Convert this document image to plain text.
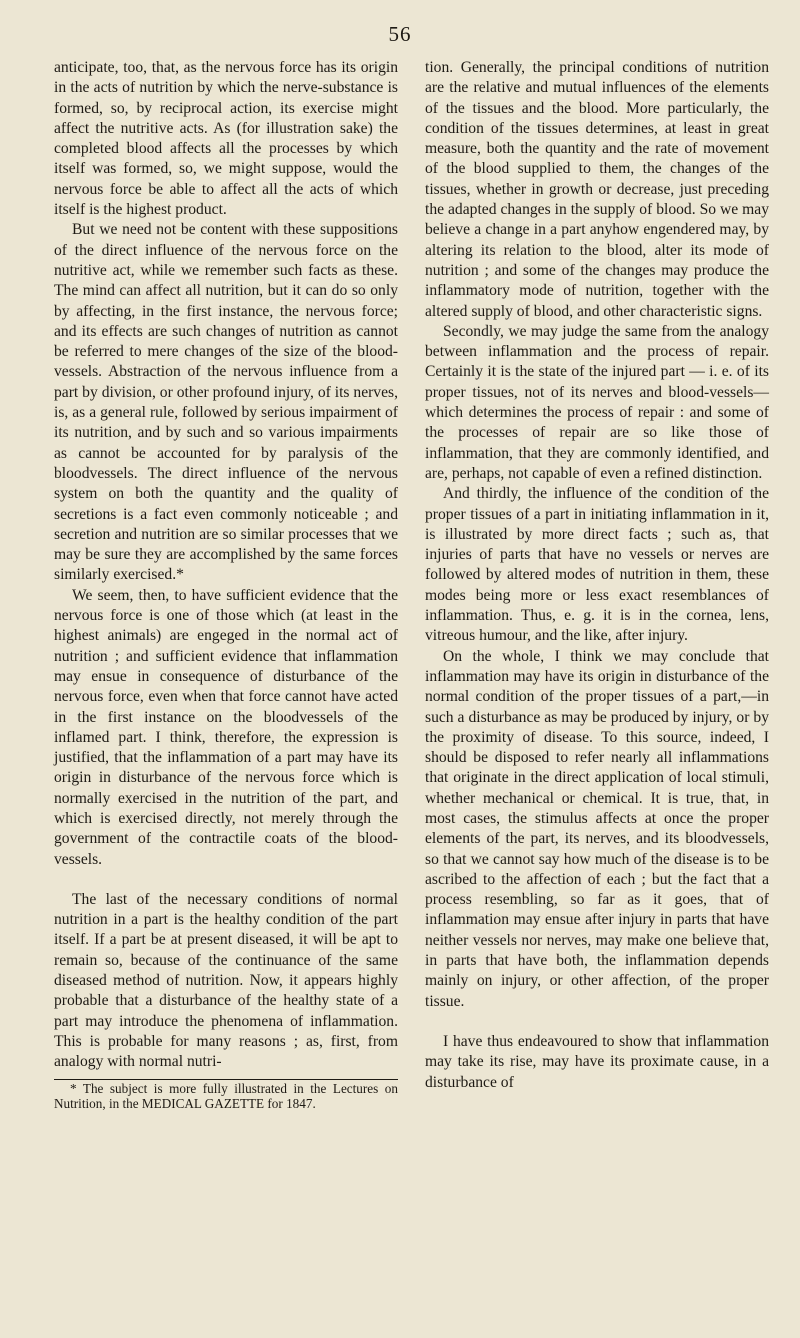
56

anticipate, too, that, as the nervous force has its origin in the acts of nutrition by which the nerve-substance is formed, so, by reciprocal action, its exercise might affect the nutritive acts. As (for illustration sake) the completed blood affects all the processes by which itself was formed, so, we might suppose, would the nervous force be able to affect all the acts of which itself is the highest product.

But we need not be content with these suppositions of the direct influence of the nervous force on the nutritive act, while we remember such facts as these. The mind can affect all nutrition, but it can do so only by affecting, in the first instance, the nervous force; and its effects are such changes of nutrition as cannot be referred to mere changes of the size of the blood-vessels. Abstraction of the nervous influence from a part by division, or other profound injury, of its nerves, is, as a general rule, followed by serious impairment of its nutrition, and by such and so various impairments as cannot be accounted for by paralysis of the bloodvessels. The direct influence of the nervous system on both the quantity and the quality of secretions is a fact even commonly noticeable ; and secretion and nutrition are so similar processes that we may be sure they are accomplished by the same forces similarly exercised.*

We seem, then, to have sufficient evidence that the nervous force is one of those which (at least in the highest animals) are engeged in the normal act of nutrition ; and sufficient evidence that inflammation may ensue in consequence of disturbance of the nervous force, even when that force cannot have acted in the first instance on the bloodvessels of the inflamed part. I think, therefore, the expression is justified, that the inflammation of a part may have its origin in disturbance of the nervous force which is normally exercised in the nutrition of the part, and which is exercised directly, not merely through the government of the contractile coats of the blood-vessels.

The last of the necessary conditions of normal nutrition in a part is the healthy condition of the part itself. If a part be at present diseased, it will be apt to remain so, because of the continuance of the same diseased method of nutrition. Now, it appears highly probable that a disturbance of the healthy state of a part may introduce the phenomena of inflammation. This is probable for many reasons ; as, first, from analogy with normal nutri-

* The subject is more fully illustrated in the Lectures on Nutrition, in the MEDICAL GAZETTE for 1847.

tion. Generally, the principal conditions of nutrition are the relative and mutual influences of the elements of the tissues and the blood. More particularly, the condition of the tissues determines, at least in great measure, both the quantity and the rate of movement of the blood supplied to them, the changes of the tissues, whether in growth or decrease, just preceding the adapted changes in the supply of blood. So we may believe a change in a part anyhow engendered may, by altering its relation to the blood, alter its mode of nutrition ; and some of the changes may produce the inflammatory mode of nutrition, together with the altered supply of blood, and other characteristic signs.

Secondly, we may judge the same from the analogy between inflammation and the process of repair. Certainly it is the state of the injured part — i. e. of its proper tissues, not of its nerves and blood-vessels—which determines the process of repair : and some of the processes of repair are so like those of inflammation, that they are commonly identified, and are, perhaps, not capable of even a refined distinction.

And thirdly, the influence of the condition of the proper tissues of a part in initiating inflammation in it, is illustrated by more direct facts ; such as, that injuries of parts that have no vessels or nerves are followed by altered modes of nutrition in them, these modes being more or less exact resemblances of inflammation. Thus, e. g. it is in the cornea, lens, vitreous humour, and the like, after injury.

On the whole, I think we may conclude that inflammation may have its origin in disturbance of the normal condition of the proper tissues of a part,—in such a disturbance as may be produced by injury, or by the proximity of disease. To this source, indeed, I should be disposed to refer nearly all inflammations that originate in the direct application of local stimuli, whether mechanical or chemical. It is true, that, in most cases, the stimulus affects at once the proper elements of the part, its nerves, and its bloodvessels, so that we cannot say how much of the disease is to be ascribed to the affection of each ; but the fact that a process resembling, so far as it goes, that of inflammation may ensue after injury in parts that have neither vessels nor nerves, may make one believe that, in parts that have both, the inflammation depends mainly on injury, or other affection, of the proper tissue.

I have thus endeavoured to show that inflammation may take its rise, may have its proximate cause, in a disturbance of
